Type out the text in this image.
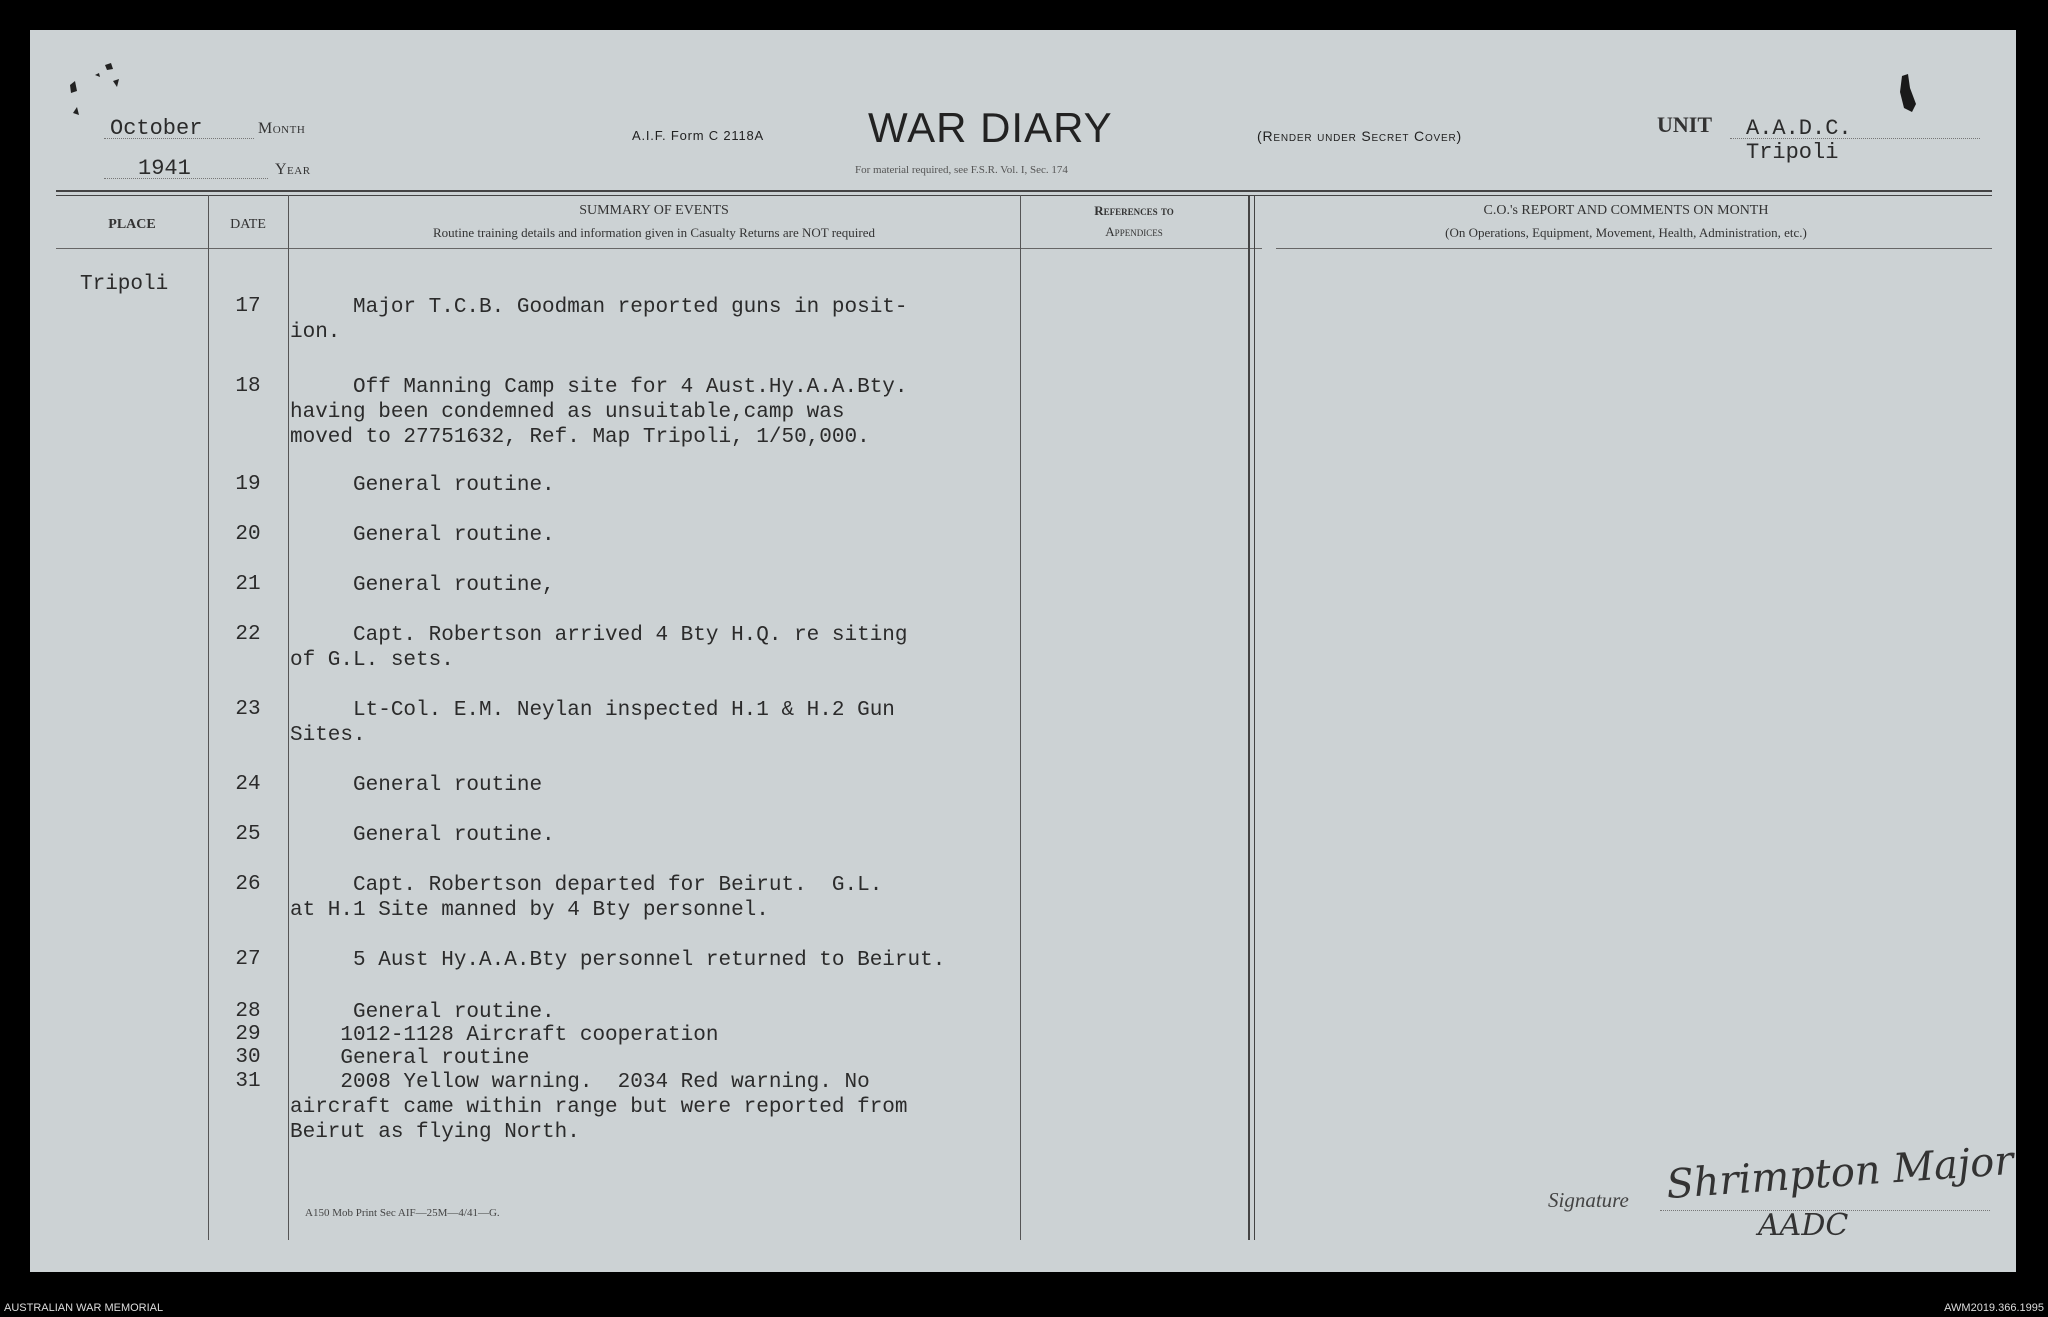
October	Month
1941	Year
A.I.F. Form C 2118A WAR DIARY
For material required, see F.S.R. Vol. I, Sec. 174
(Render under Secret Cover)	UNIT A.A.D.C.
Tripoli
PLACE	DATE
SUMMARY OF EVENTS
Routine training details and information given in Casualty Returns are NOT required
References to
Appendices
C.O.'s REPORT AND COMMENTS ON MONTH
(On Operations, Equipment, Movement, Health, Administration, etc.)
Tripoli
17	Major T.C.B. Goodman reported guns in posit-
ion.
18	Off Manning Camp site for 4 Aust.Hy.A.A.Bty.
having been condemned as unsuitable,camp was
moved to 27751632, Ref. Map Tripoli, 1/50,000.
19	General routine.
20	General routine.
21	General routine,
22	Capt. Robertson arrived 4 Bty H.Q. re siting
of G.L. sets.
23	Lt-Col. E.M. Neylan inspected H.1 & H.2 Gun
Sites.
24	General routine
25	General routine.
26	Capt. Robertson departed for Beirut.  G.L.
at H.1 Site manned by 4 Bty personnel.
27	5 Aust Hy.A.A.Bty personnel returned to Beirut.
28	General routine.
29	1012-1128 Aircraft cooperation
30	General routine
31	2008 Yellow warning.  2034 Red warning. No
aircraft came within range but were reported from
Beirut as flying North.
A150 Mob Print Sec AIF—25M—4/41—G.
Signature Shrimpton Major
AADC
AUSTRALIAN WAR MEMORIAL	AWM2019.366.1995
